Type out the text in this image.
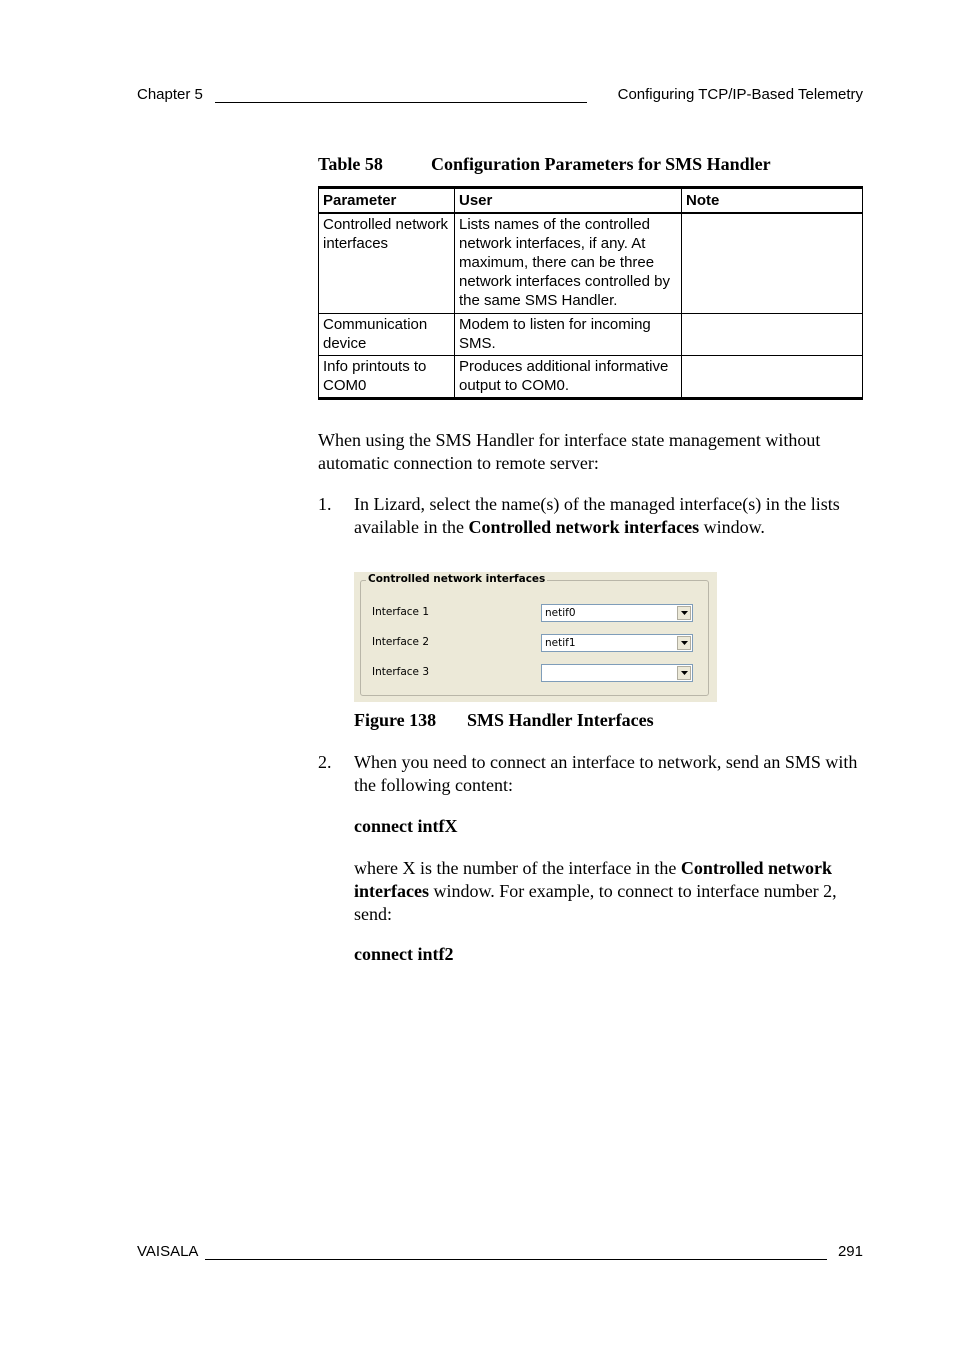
Chapter 5	Configuring TCP/IP-Based Telemetry
Table 58	Configuration Parameters for SMS Handler
Parameter	User	Note
Controlled network interfaces	Lists names of the controlled network interfaces, if any. At maximum, there can be three network interfaces controlled by the same SMS Handler.	
Communication device	Modem to listen for incoming SMS.	
Info printouts to COM0	Produces additional informative output to COM0.	

When using the SMS Handler for interface state management without automatic connection to remote server:

1. In Lizard, select the name(s) of the managed interface(s) in the lists available in the Controlled network interfaces window.

Controlled network interfaces
Interface 1	netif0
Interface 2	netif1
Interface 3
Figure 138 SMS Handler Interfaces
2. When you need to connect an interface to network, send an SMS with the following content:

connect intfX

where X is the number of the interface in the Controlled network interfaces window. For example, to connect to interface number 2, send:

connect intf2

VAISALA	291
